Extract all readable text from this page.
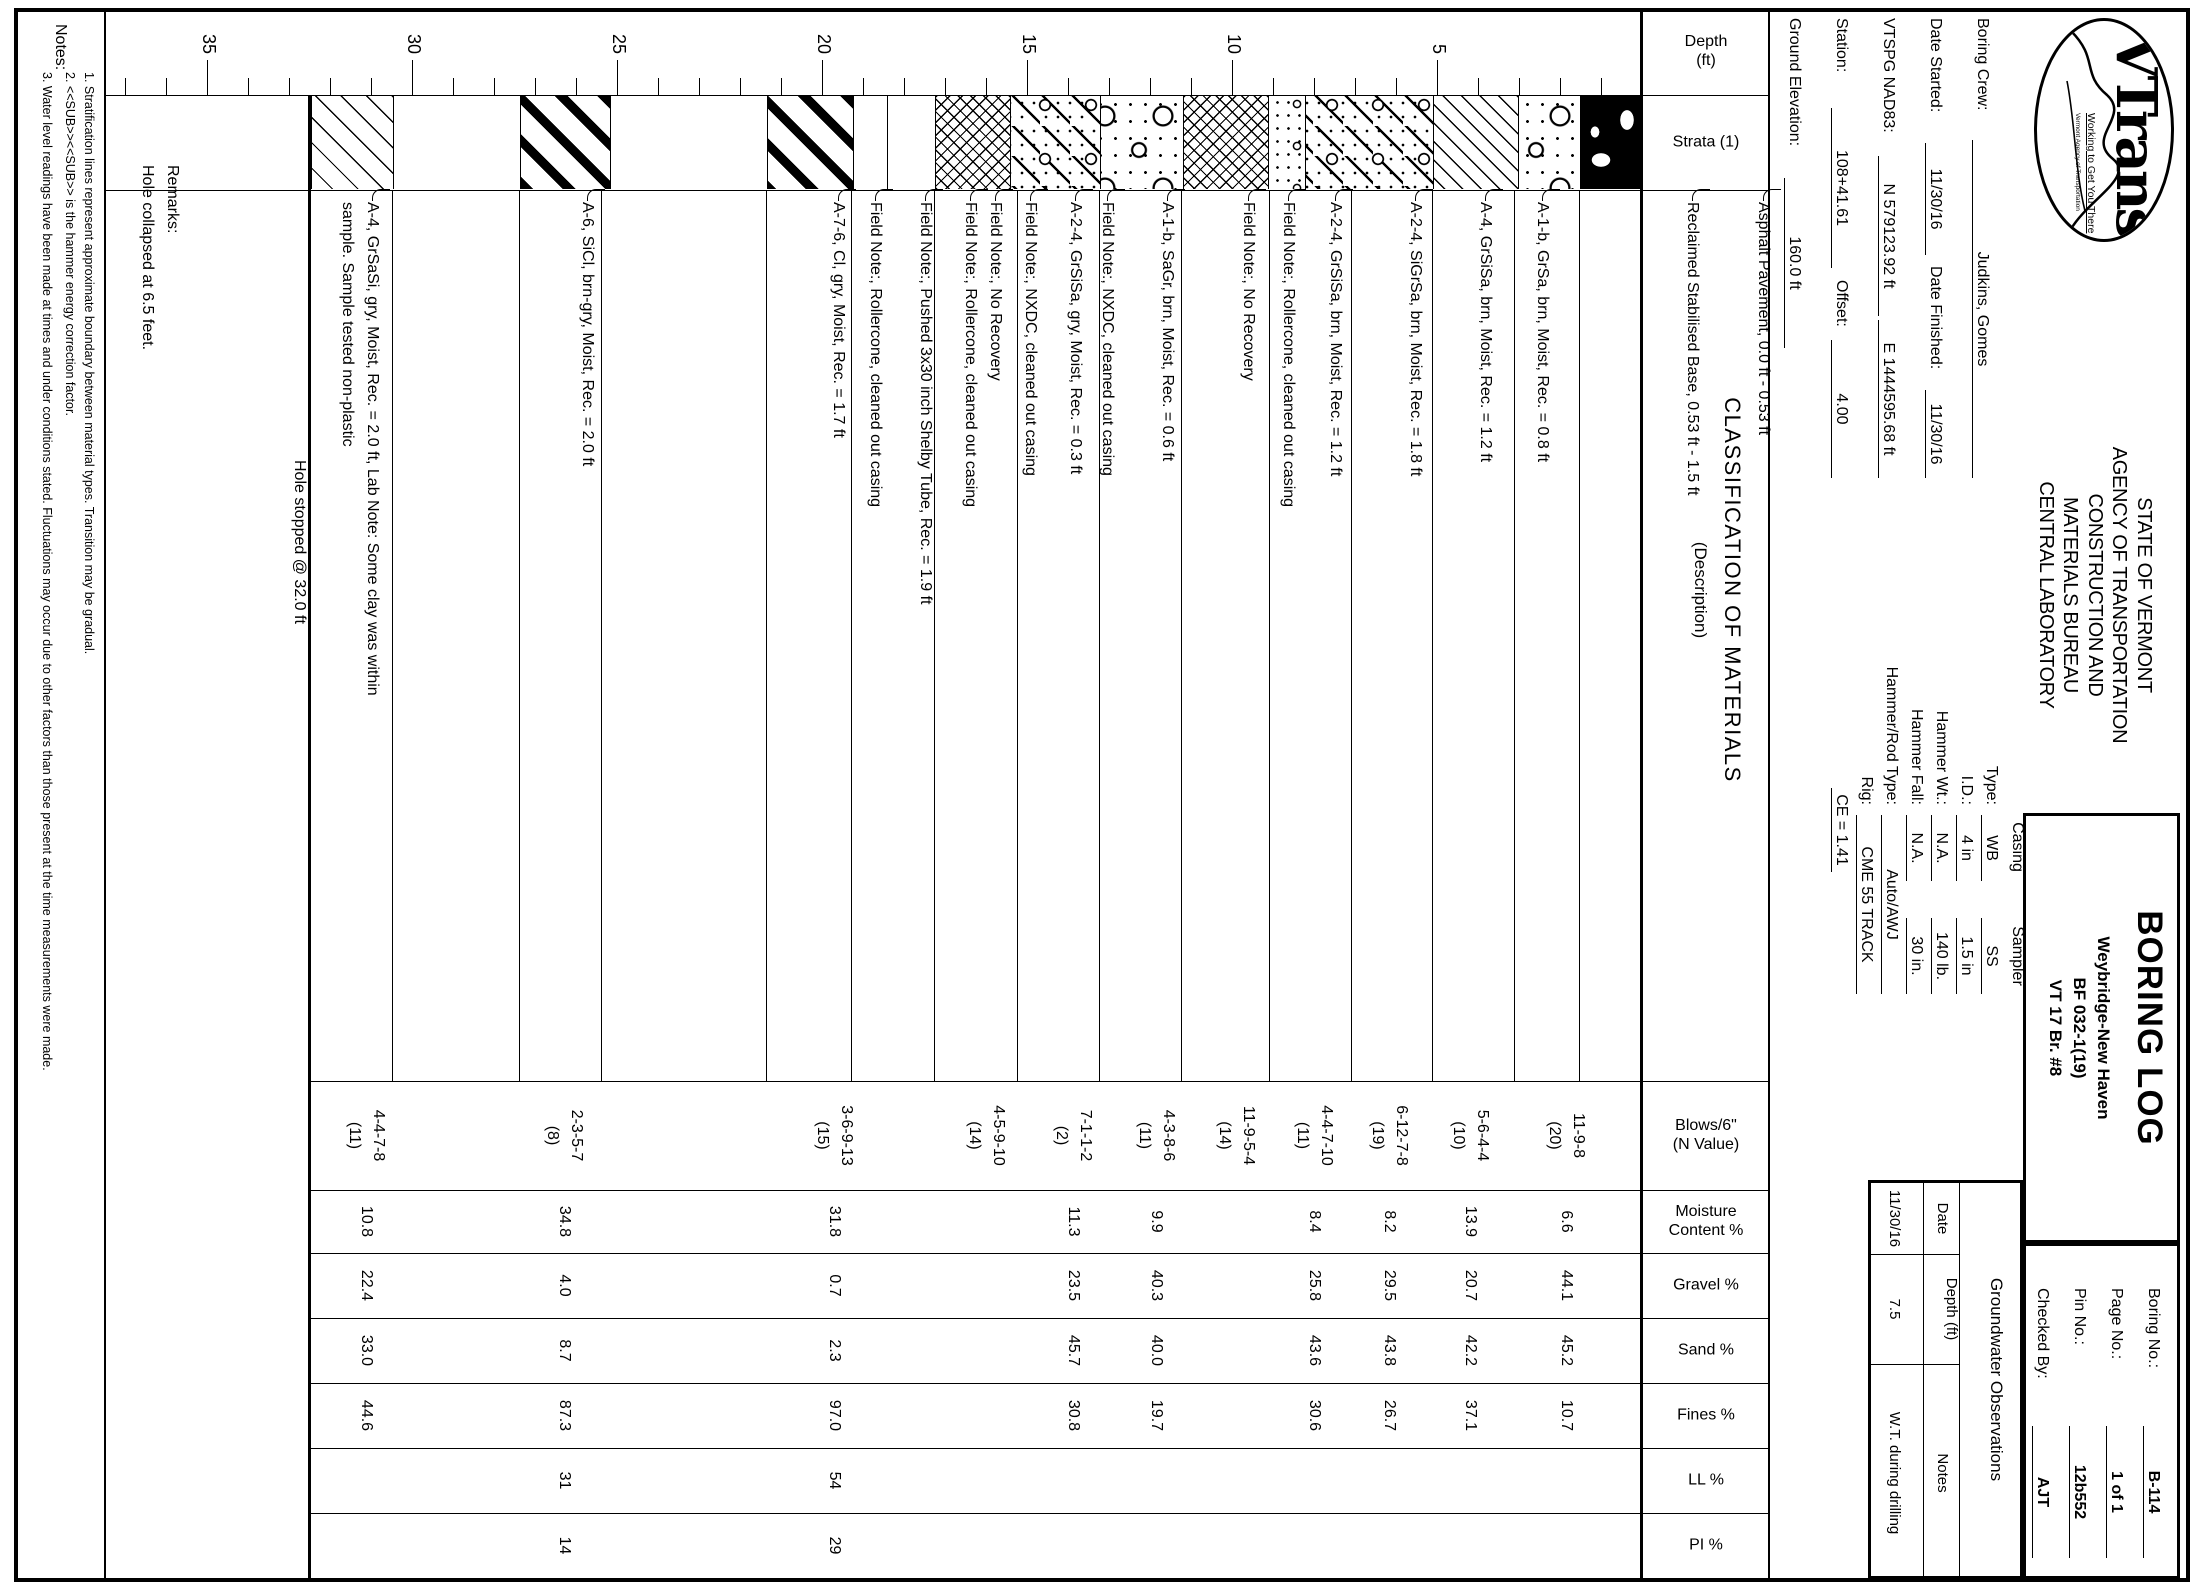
VTrans
Working to Get You There
Vermont Agency of Transportation
STATE OF VERMONT
AGENCY OF TRANSPORTATION
CONSTRUCTION AND
MATERIALS BUREAU
CENTRAL LABORATORY
BORING LOG
Weybridge-New Haven
BF 032-1(19)
VT 17 Br. #8
Boring No.:
B-114
Page No.:
1 of 1
Pin No.:
12b552
Checked By:
AJT
Boring Crew:
Judkins, Gomes
Date Started:
11/30/16
Date Finished:
11/30/16
VTSPG NAD83:
N 579123.92 ft
E 1444595.68 ft
Station:
108+41.61
Offset:
4.00
Ground Elevation:
160.0 ft
Casing
Sampler
Type:
WB
SS
I.D.:
4 in
1.5 in
Hammer Wt.:
N.A.
140 lb.
Hammer Fall:
N.A.
30 in.
Hammer/Rod Type:
Auto/AWJ
Rig:
CME 55 TRACK
CE = 1.41
Groundwater Observations
Date
Depth (ft)
Notes
11/30/16
7.5
W.T. during drilling
CLASSIFICATION OF MATERIALS
(Description)
Remarks:
Hole collapsed at 6.5 feet.
Hole stopped @ 32.0 ft
Notes:
1. Stratification lines represent approximate boundary between material types. Transition may be gradual.
2. <<SUB>><<SUB>> is the hammer energy correction factor.
3. Water level readings have been made at times and under conditions stated. Fluctuations may occur due to other factors than those present at the time measurements were made.
Depth
(ft)
Strata (1)
Blows/6"
(N Value)
Moisture
Content %
Gravel %
Sand %
Fines %
LL %
PI %
5
10
15
20
25
30
35
Asphalt Pavement, 0.0 ft - 0.53 ft
Reclaimed Stabilised Base, 0.53 ft - 1.5 ft
A-1-b, GrSa, brn, Moist, Rec. = 0.8 ft
A-4, GrSiSa, brn, Moist, Rec. = 1.2 ft
A-2-4, SiGrSa, brn, Moist, Rec. = 1.8 ft
A-2-4, GrSiSa, brn, Moist, Rec. = 1.2 ft
Field Note:, Rollercone, cleaned out casing
Field Note:, No Recovery
A-1-b, SaGr, brn, Moist, Rec. = 0.6 ft
Field Note:, NXDC, cleaned out casing
A-2-4, GrSiSa, gry, Moist, Rec. = 0.3 ft
Field Note:, NXDC, cleaned out casing
Field Note:, No Recovery
Field Note:, Rollercone, cleaned out casing
Field Note:, Pushed 3x30 inch Shelby Tube, Rec. = 1.9 ft
Field Note:, Rollercone, cleaned out casing
A-7-6, Cl, gry, Moist, Rec. = 1.7 ft
A-6, SiCl, brn-gry, Moist, Rec. = 2.0 ft
A-4, GrSaSi, gry, Moist, Rec. = 2.0 ft, Lab Note: Some clay was within
sample. Sample tested non-plastic
11-9-8
(20)
6.6
44.1
45.2
10.7
5-6-4-4
(10)
13.9
20.7
42.2
37.1
6-12-7-8
(19)
8.2
29.5
43.8
26.7
4-4-7-10
(11)
8.4
25.8
43.6
30.6
11-9-5-4
(14)
4-3-8-6
(11)
9.9
40.3
40.0
19.7
7-1-1-2
(2)
11.3
23.5
45.7
30.8
4-5-9-10
(14)
3-6-9-13
(15)
31.8
0.7
2.3
97.0
54
29
2-3-5-7
(8)
34.8
4.0
8.7
87.3
31
14
4-4-7-8
(11)
10.8
22.4
33.0
44.6
